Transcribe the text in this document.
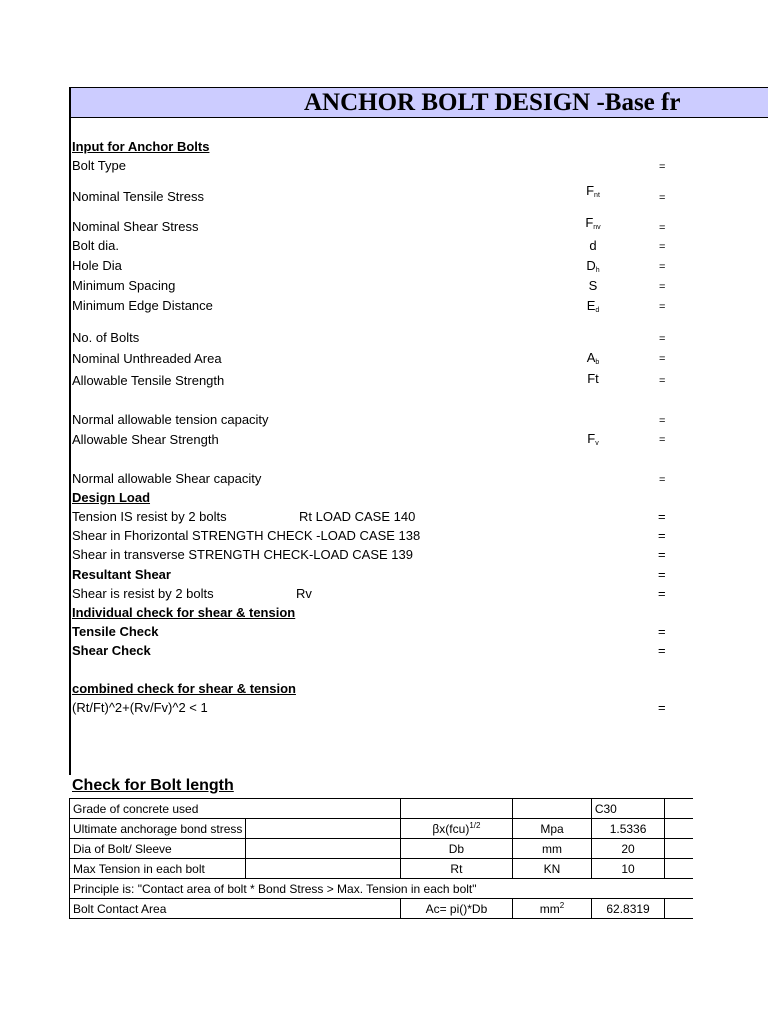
ANCHOR BOLT DESIGN -Base fr
Input for Anchor Bolts
Bolt Type	=
Nominal Tensile Stress	$F_{nt}$	=
Nominal Shear Stress	$F_{nv}$	=
Bolt dia.	d	=
Hole Dia	$D_h$	=
Minimum Spacing	S	=
Minimum Edge Distance	$E_d$	=
No. of Bolts	=
Nominal Unthreaded Area	$A_b$	=
Allowable Tensile Strength	Ft	=
Normal allowable tension capacity	=
Allowable Shear Strength	$F_v$	=
Normal allowable Shear capacity	=
Design Load
Tension IS resist by 2 bolts	Rt LOAD CASE 140	=
Shear in Fhorizontal STRENGTH CHECK -LOAD CASE 138	=
Shear in transverse STRENGTH CHECK-LOAD CASE 139	=
Resultant Shear	=
Shear is resist by 2 bolts	Rv	=
Individual check for shear & tension
Tensile Check	=
Shear Check	=
combined check for shear & tension
(Rt/Ft)^2+(Rv/Fv)^2 < 1	=
Check for Bolt length
Grade of concrete used				C30	
Ultimate anchorage bond stress		βx(fcu)$^{1/2}$	Mpa	1.5336	
Dia of Bolt/ Sleeve		Db	mm	20	
Max Tension in each bolt		Rt	KN	10	
Principle is: "Contact area of bolt * Bond Stress > Max. Tension in each bolt"					
Bolt Contact Area		Ac= pi()*Db	$mm^2$	62.8319	
